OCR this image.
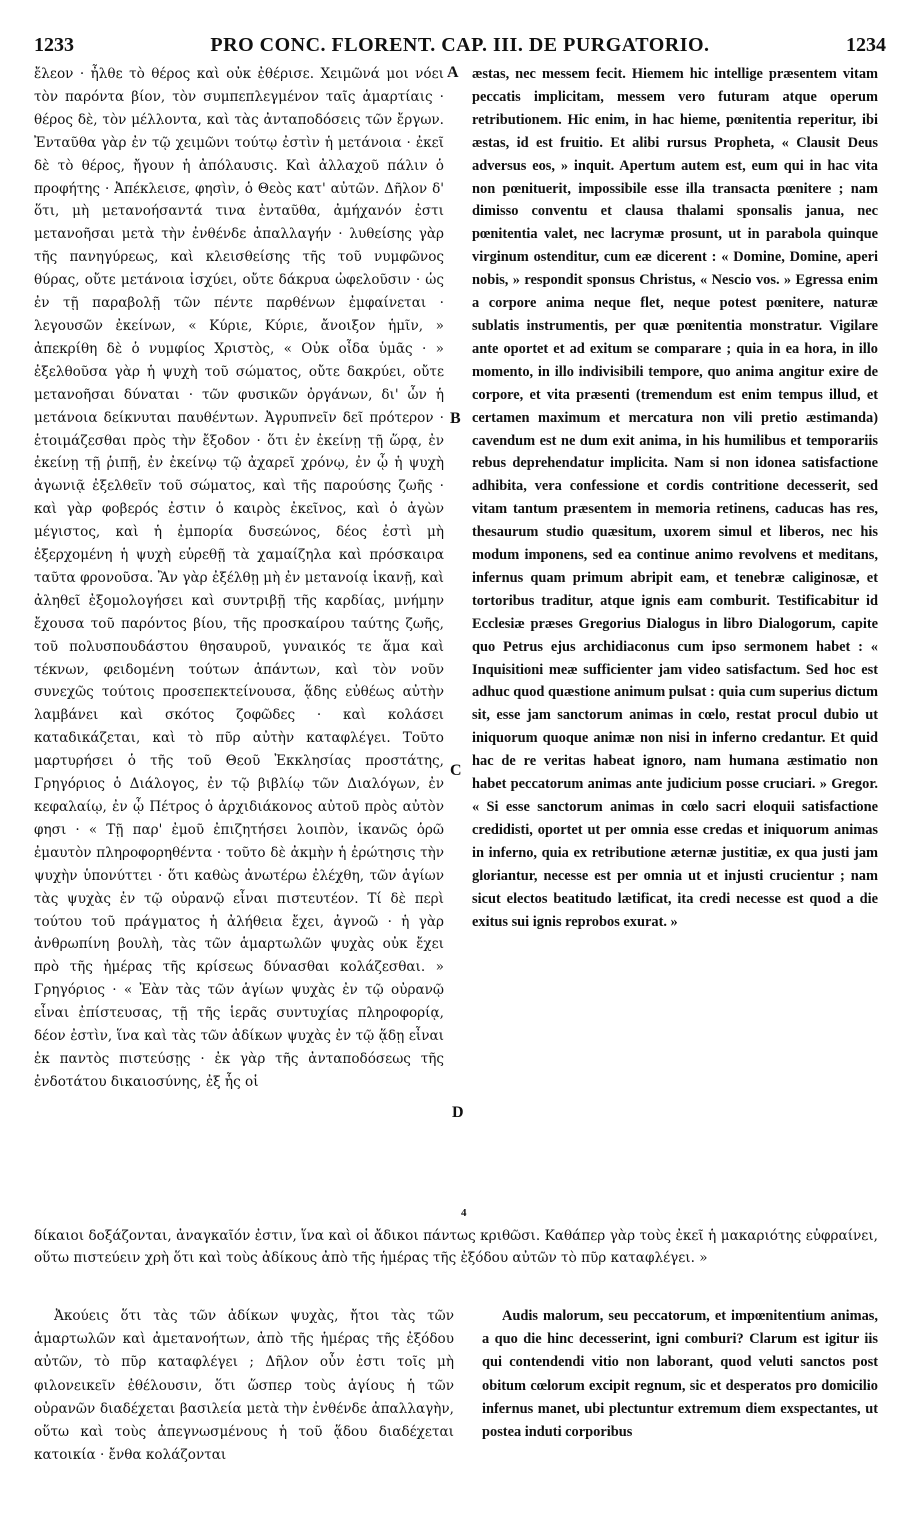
1233	PRO CONC. FLORENT. CAP. III. DE PURGATORIO.	1234

ἔλεον · ἦλθε τὸ θέρος καὶ οὐκ ἐθέρισε. Χειμῶνά μοι νόει τὸν παρόντα βίον, τὸν συμπεπλεγμένον ταῖς ἁμαρτίαις · θέρος δὲ, τὸν μέλλοντα, καὶ τὰς ἀνταποδόσεις τῶν ἔργων. Ἐνταῦθα γὰρ ἐν τῷ χειμῶνι τούτῳ ἐστὶν ἡ μετάνοια · ἐκεῖ δὲ τὸ θέρος, ἤγουν ἡ ἀπόλαυσις. Καὶ ἀλλαχοῦ πάλιν ὁ προφήτης · Ἀπέκλεισε, φησὶν, ὁ Θεὸς κατ' αὐτῶν. Δῆλον δ' ὅτι, μὴ μετανοήσαντά τινα ἐνταῦθα, ἀμήχανόν ἐστι μετανοῆσαι μετὰ τὴν ἐνθένδε ἀπαλλαγήν · λυθείσης γὰρ τῆς πανηγύρεως, καὶ κλεισθείσης τῆς τοῦ νυμφῶνος θύρας, οὔτε μετάνοια ἰσχύει, οὔτε δάκρυα ὠφελοῦσιν · ὡς ἐν τῇ παραβολῇ τῶν πέντε παρθένων ἐμφαίνεται · λεγουσῶν ἐκείνων, « Κύριε, Κύριε, ἄνοιξον ἡμῖν, » ἀπεκρίθη δὲ ὁ νυμφίος Χριστὸς, « Οὐκ οἶδα ὑμᾶς · » ἐξελθοῦσα γὰρ ἡ ψυχὴ τοῦ σώματος, οὔτε δακρύει, οὔτε μετανοῆσαι δύναται · τῶν φυσικῶν ὀργάνων, δι' ὧν ἡ μετάνοια δείκνυται παυθέντων. Ἀγρυπνεῖν δεῖ πρότερον · ἑτοιμάζεσθαι πρὸς τὴν ἔξοδον · ὅτι ἐν ἐκείνῃ τῇ ὥρᾳ, ἐν ἐκείνῃ τῇ ῥιπῇ, ἐν ἐκείνῳ τῷ ἀχαρεῖ χρόνῳ, ἐν ᾧ ἡ ψυχὴ ἀγωνιᾷ ἐξελθεῖν τοῦ σώματος, καὶ τῆς παρούσης ζωῆς · καὶ γὰρ φοβερός ἐστιν ὁ καιρὸς ἐκεῖνος, καὶ ὁ ἀγὼν μέγιστος, καὶ ἡ ἐμπορία δυσεώνος, δέος ἐστὶ μὴ ἐξερχομένη ἡ ψυχὴ εὑρεθῇ τὰ χαμαίζηλα καὶ πρόσκαιρα ταῦτα φρονοῦσα. Ἂν γὰρ ἐξέλθῃ μὴ ἐν μετανοίᾳ ἱκανῇ, καὶ ἀληθεῖ ἐξομολογήσει καὶ συντριβῇ τῆς καρδίας, μνήμην ἔχουσα τοῦ παρόντος βίου, τῆς προσκαίρου ταύτης ζωῆς, τοῦ πολυσπουδάστου θησαυροῦ, γυναικός τε ἅμα καὶ τέκνων, φειδομένη τούτων ἁπάντων, καὶ τὸν νοῦν συνεχῶς τούτοις προσεπεκτείνουσα, ᾅδης εὐθέως αὐτὴν λαμβάνει καὶ σκότος ζοφῶδες · καὶ κολάσει καταδικάζεται, καὶ τὸ πῦρ αὐτὴν καταφλέγει. Τοῦτο μαρτυρήσει ὁ τῆς τοῦ Θεοῦ Ἐκκλησίας προστάτης, Γρηγόριος ὁ Διάλογος, ἐν τῷ βιβλίῳ τῶν Διαλόγων, ἐν κεφαλαίῳ, ἐν ᾧ Πέτρος ὁ ἀρχιδιάκονος αὐτοῦ πρὸς αὐτὸν φησι · « Τῇ παρ' ἐμοῦ ἐπιζητήσει λοιπὸν, ἱκανῶς ὁρῶ ἐμαυτὸν πληροφορηθέντα · τοῦτο δὲ ἀκμὴν ἡ ἐρώτησις τὴν ψυχὴν ὑπονύττει · ὅτι καθὼς ἀνωτέρω ἐλέχθη, τῶν ἁγίων τὰς ψυχὰς ἐν τῷ οὐρανῷ εἶναι πιστευτέον. Τί δὲ περὶ τούτου τοῦ πράγματος ἡ ἀλήθεια ἔχει, ἀγνοῶ · ἡ γὰρ ἀνθρωπίνη βουλὴ, τὰς τῶν ἁμαρτωλῶν ψυχὰς οὐκ ἔχει πρὸ τῆς ἡμέρας τῆς κρίσεως δύνασθαι κολάζεσθαι. » Γρηγόριος · « Ἐὰν τὰς τῶν ἁγίων ψυχὰς ἐν τῷ οὐρανῷ εἶναι ἐπίστευσας, τῇ τῆς ἱερᾶς συντυχίας πληροφορίᾳ, δέον ἐστὶν, ἵνα καὶ τὰς τῶν ἀδίκων ψυχὰς ἐν τῷ ᾅδῃ εἶναι ἐκ παντὸς πιστεύσῃς · ἐκ γὰρ τῆς ἀνταποδόσεως τῆς ἐνδοτάτου δικαιοσύνης, ἐξ ἧς οἱ

A
B
C
D
4

æstas, nec messem fecit. Hiemem hic intellige præsentem vitam peccatis implicitam, messem vero futuram atque operum retributionem. Hic enim, in hac hieme, pœnitentia reperitur, ibi æstas, id est fruitio. Et alibi rursus Propheta, « Clausit Deus adversus eos, » inquit. Apertum autem est, eum qui in hac vita non pœnituerit, impossibile esse illa transacta pœnitere ; nam dimisso conventu et clausa thalami sponsalis janua, nec pœnitentia valet, nec lacrymæ prosunt, ut in parabola quinque virginum ostenditur, cum eæ dicerent : « Domine, Domine, aperi nobis, » respondit sponsus Christus, « Nescio vos. » Egressa enim a corpore anima neque flet, neque potest pœnitere, naturæ sublatis instrumentis, per quæ pœnitentia monstratur. Vigilare ante oportet et ad exitum se comparare ; quia in ea hora, in illo momento, in illo indivisibili tempore, quo anima angitur exire de corpore, et vita præsenti (tremendum est enim tempus illud, et certamen maximum et mercatura non vili pretio æstimanda) cavendum est ne dum exit anima, in his humilibus et temporariis rebus deprehendatur implicita. Nam si non idonea satisfactione adhibita, vera confessione et cordis contritione decesserit, sed vitam tantum præsentem in memoria retinens, caducas has res, thesaurum studio quæsitum, uxorem simul et liberos, nec his modum imponens, sed ea continue animo revolvens et meditans, infernus quam primum abripit eam, et tenebræ caliginosæ, et tortoribus traditur, atque ignis eam comburit. Testificabitur id Ecclesiæ præses Gregorius Dialogus in libro Dialogorum, capite quo Petrus ejus archidiaconus cum ipso sermonem habet : « Inquisitioni meæ sufficienter jam video satisfactum. Sed hoc est adhuc quod quæstione animum pulsat : quia cum superius dictum sit, esse jam sanctorum animas in cœlo, restat procul dubio ut iniquorum quoque animæ non nisi in inferno credantur. Et quid hac de re veritas habeat ignoro, nam humana æstimatio non habet peccatorum animas ante judicium posse cruciari. » Gregor. « Si esse sanctorum animas in cœlo sacri eloquii satisfactione credidisti, oportet ut per omnia esse credas et iniquorum animas in inferno, quia ex retributione æternæ justitiæ, ex qua justi jam gloriantur, necesse est per omnia ut et injusti crucientur ; nam sicut electos beatitudo lætificat, ita credi necesse est quod a die exitus sui ignis reprobos exurat. »

δίκαιοι δοξάζονται, ἀναγκαῖόν ἐστιν, ἵνα καὶ οἱ ἄδικοι πάντως κριθῶσι. Καθάπερ γὰρ τοὺς ἐκεῖ ἡ μακαριότης εὐφραίνει, οὕτω πιστεύειν χρὴ ὅτι καὶ τοὺς ἀδίκους ἀπὸ τῆς ἡμέρας τῆς ἐξόδου αὐτῶν τὸ πῦρ καταφλέγει. »

Ἀκούεις ὅτι τὰς τῶν ἀδίκων ψυχὰς, ἤτοι τὰς τῶν ἁμαρτωλῶν καὶ ἀμετανοήτων, ἀπὸ τῆς ἡμέρας τῆς ἐξόδου αὐτῶν, τὸ πῦρ καταφλέγει ; Δῆλον οὖν ἐστι τοῖς μὴ φιλονεικεῖν ἐθέλουσιν, ὅτι ὥσπερ τοὺς ἁγίους ἡ τῶν οὐρανῶν διαδέχεται βασιλεία μετὰ τὴν ἐνθένδε ἀπαλλαγὴν, οὕτω καὶ τοὺς ἀπεγνωσμένους ἡ τοῦ ᾅδου διαδέχεται κατοικία · ἔνθα κολάζονται

Audis malorum, seu peccatorum, et impœnitentium animas, a quo die hinc decesserint, igni comburi? Clarum est igitur iis qui contendendi vitio non laborant, quod veluti sanctos post obitum cœlorum excipit regnum, sic et desperatos pro domicilio infernus manet, ubi plectuntur extremum diem exspectantes, ut postea induti corporibus
